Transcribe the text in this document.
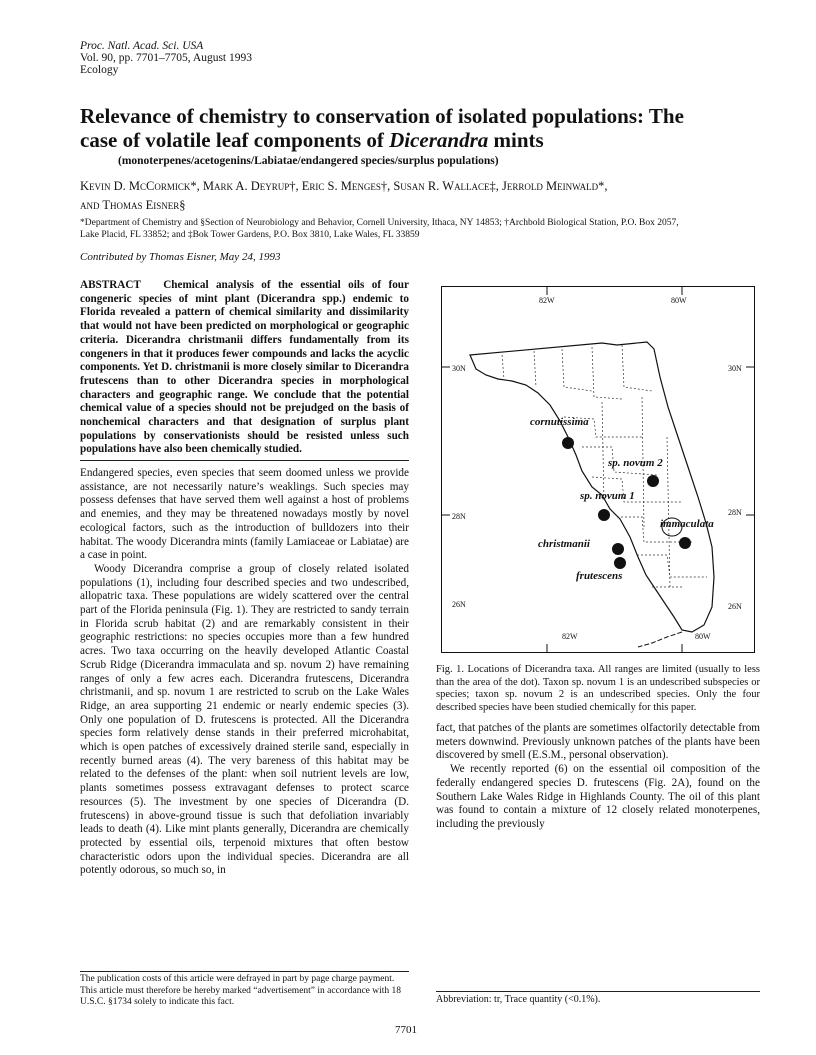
Proc. Natl. Acad. Sci. USA
Vol. 90, pp. 7701–7705, August 1993
Ecology
Relevance of chemistry to conservation of isolated populations: The
case of volatile leaf components of Dicerandra mints
(monoterpenes/acetogenins/Labiatae/endangered species/surplus populations)
Kevin D. McCormick*, Mark A. Deyrup†, Eric S. Menges†, Susan R. Wallace‡, Jerrold Meinwald*,
and Thomas Eisner§
*Department of Chemistry and §Section of Neurobiology and Behavior, Cornell University, Ithaca, NY 14853; †Archbold Biological Station, P.O. Box 2057,
Lake Placid, FL 33852; and ‡Bok Tower Gardens, P.O. Box 3810, Lake Wales, FL 33859
Contributed by Thomas Eisner, May 24, 1993
ABSTRACT Chemical analysis of the essential oils of four congeneric species of mint plant (Dicerandra spp.) endemic to Florida revealed a pattern of chemical similarity and dissimilarity that would not have been predicted on morphological or geographic criteria. Dicerandra christmanii differs fundamentally from its congeners in that it produces fewer compounds and lacks the acyclic components. Yet D. christmanii is more closely similar to Dicerandra frutescens than to other Dicerandra species in morphological characters and geographic range. We conclude that the potential chemical value of a species should not be prejudged on the basis of nonchemical characters and that designation of surplus plant populations by conservationists should be resisted unless such populations have also been chemically studied.

Endangered species, even species that seem doomed unless we provide assistance, are not necessarily nature’s weaklings. Such species may possess defenses that have served them well against a host of problems and enemies, and they may be threatened nowadays mostly by novel ecological factors, such as the introduction of bulldozers into their habitat. The woody Dicerandra mints (family Lamiaceae or Labiatae) are a case in point.

Woody Dicerandra comprise a group of closely related isolated populations (1), including four described species and two undescribed, allopatric taxa. These populations are widely scattered over the central part of the Florida peninsula (Fig. 1). They are restricted to sandy terrain in Florida scrub habitat (2) and are remarkably consistent in their geographic restrictions: no species occupies more than a few hundred acres. Two taxa occurring on the heavily developed Atlantic Coastal Scrub Ridge (Dicerandra immaculata and sp. novum 2) have remaining ranges of only a few acres each. Dicerandra frutescens, Dicerandra christmanii, and sp. novum 1 are restricted to scrub on the Lake Wales Ridge, an area supporting 21 endemic or nearly endemic species (3). Only one population of D. frutescens is protected. All the Dicerandra species form relatively dense stands in their preferred microhabitat, which is open patches of excessively drained sterile sand, especially in recently burned areas (4). The very bareness of this habitat may be related to the defenses of the plant: when soil nutrient levels are low, plants sometimes possess extravagant defenses to protect scarce resources (5). The investment by one species of Dicerandra (D. frutescens) in above-ground tissue is such that defoliation invariably leads to death (4). Like mint plants generally, Dicerandra are chemically protected by essential oils, terpenoid mixtures that often bestow characteristic odors upon the individual species. Dicerandra are all potently odorous, so much so, in

The publication costs of this article were defrayed in part by page charge payment. This article must therefore be hereby marked “advertisement” in accordance with 18 U.S.C. §1734 solely to indicate this fact.
82W	80W
30N	30N
28N	28N
26N	26N
82W	80W
cornutissima
sp. novum 2
sp. novum 1
immaculata
christmanii
frutescens
Fig. 1. Locations of Dicerandra taxa. All ranges are limited (usually to less than the area of the dot). Taxon sp. novum 1 is an undescribed subspecies or species; taxon sp. novum 2 is an undescribed species. Only the four described species have been studied chemically for this paper.

fact, that patches of the plants are sometimes olfactorily detectable from meters downwind. Previously unknown patches of the plants have been discovered by smell (E.S.M., personal observation).

We recently reported (6) on the essential oil composition of the federally endangered species D. frutescens (Fig. 2A), found on the Southern Lake Wales Ridge in Highlands County. The oil of this plant was found to contain a mixture of 12 closely related monoterpenes, including the previously

Abbreviation: tr, Trace quantity (<0.1%).
7701
